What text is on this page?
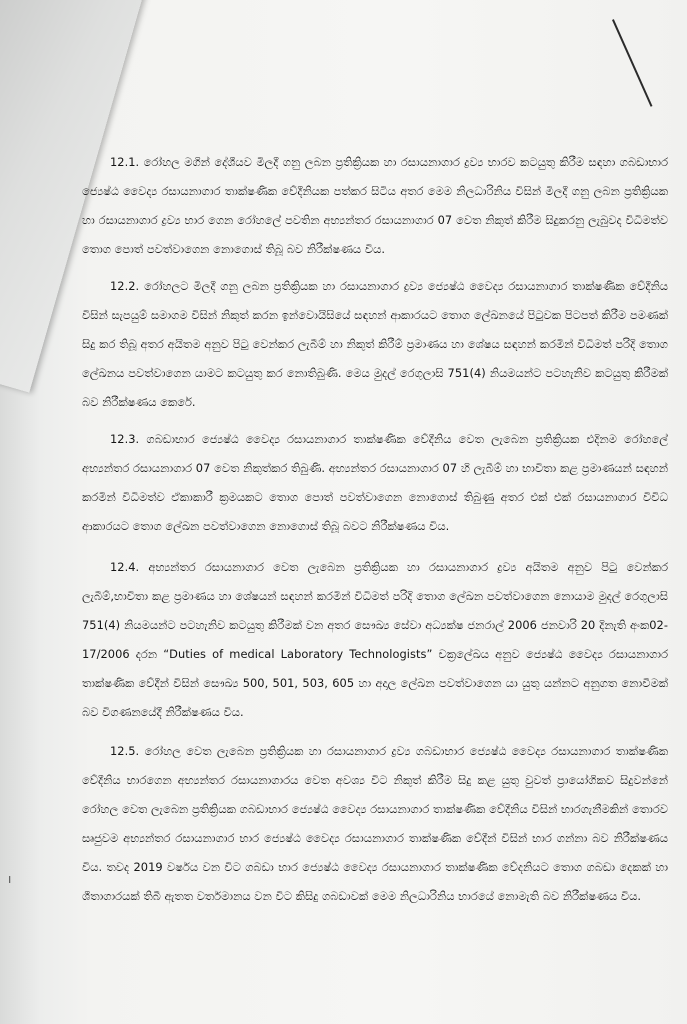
ı

12.1. රෝහල මගින් දේශීයව මිලදී ගනු ලබන ප්‍රතික්‍රියක හා රසායනාගාර ද්‍රව්‍ය භාරව කටයුතු කිරීම සඳහා ගබඩාභාර ජ්‍යෙෂ්ඨ වෛද්‍ය රසායනාගාර තාක්ෂණික වේදීනියක පත්කර සිටිය අතර මෙම නිලධාරිනිය විසින් මිලදී ගනු ලබන ප්‍රතික්‍රියක හා රසායනාගාර ද්‍රව්‍ය භාර ගෙන රෝහලේ පවතින අභ්‍යන්තර රසායනාගාර 07 වෙත නිකුත් කිරීම සිදුකරනු ලැබුවද විධිමත්ව තොග පොත් පවත්වාගෙන නොගොස් තිබූ බව නිරීක්ෂණය විය.

12.2. රෝහලට මිලදී ගනු ලබන ප්‍රතික්‍රියක හා රසායනාගාර ද්‍රව්‍ය ජ්‍යෙෂ්ඨ වෛද්‍ය රසායනාගාර තාක්ෂණික වේදීනිය විසින් සැපයුම් සමාගම විසින් නිකුත් කරන ඉන්වොයිසියේ සඳහන් ආකාරයට තොග ලේඛනයේ පිටුවක පිටපත් කිරීම පමණක් සිදු කර තිබූ අතර අයිතම අනුව පිටු වෙන්කර ලැබීම් හා නිකුත් කිරීම් ප්‍රමාණය හා ශේෂය සඳහන් කරමින් විධිමත් පරිදි තොග ලේඛනය පවත්වාගෙන යාමට කටයුතු කර නොතිබුණි. මෙය මුදල් රෙගුලාසි 751(4) නියමයන්ට පටහැනිව කටයුතු කිරීමක් බව නිරීක්ෂණය කෙරේ.

12.3. ගබඩාභාර ජ්‍යෙෂ්ඨ වෛද්‍ය රසායනාගාර තාක්ෂණික වේදීනිය වෙත ලැබෙන ප්‍රතික්‍රියක එදිනම රෝහලේ අභ්‍යන්තර රසායනාගාර 07 වෙත නිකුත්කර තිබුණි. අභ්‍යන්තර රසායනාගාර 07 හි ලැබීම් හා භාවිතා කළ ප්‍රමාණයන් සඳහන් කරමින් විධිමත්ව ඒකාකාරී ක්‍රමයකට තොග පොත් පවත්වාගෙන නොගොස් තිබුණු අතර එක් එක් රසායනාගාර විවිධ ආකාරයට තොග ලේඛන පවත්වාගෙන නොගොස් තිබූ බවට නිරීක්ෂණය විය.

12.4. අභ්‍යන්තර රසායනාගාර වෙත ලැබෙන ප්‍රතික්‍රියක හා රසායනාගාර ද්‍රව්‍ය අයිතම අනුව පිටු වෙන්කර ලැබීම්,භාවිතා කළ ප්‍රමාණය හා ශේෂයන් සඳහන් කරමින් විධිමත් පරිදි තොග ලේඛන පවත්වාගෙන නොයාම මුදල් රෙගුලාසි 751(4) නියමයන්ට පටහැනිව කටයුතු කිරීමක් වන අතර සෞඛ්‍ය සේවා අධ්‍යක්ෂ ජනරාල් 2006 ජනවාරි 20 දිනැති අංක02-17/2006 දරන “Duties of medical Laboratory Technologists” චක්‍රලේඛය අනුව ජ්‍යෙෂ්ඨ වෛද්‍ය රසායනාගාර තාක්ෂණික වේදීන් විසින් සෞඛ්‍ය 500, 501, 503, 605 හා අදාල ලේඛන පවත්වාගෙන යා යුතු යන්නට අනුගත නොවීමක් බව විගණනයේදී නිරීක්ෂණය විය.

12.5. රෝහල වෙත ලැබෙන ප්‍රතික්‍රියක හා රසායනාගාර ද්‍රව්‍ය ගබඩාභාර ජ්‍යෙෂ්ඨ වෛද්‍ය රසායනාගාර තාක්ෂණික වේදීනිය භාරගෙන අභ්‍යන්තර රසායනාගාරය වෙත අවශ්‍ය විට නිකුත් කිරීම සිදු කළ යුතු වුවත් ප්‍රායෝගිකව සිදුවන්නේ රෝහල වෙත ලැබෙන ප්‍රතික්‍රියක ගබඩාභාර ජ්‍යෙෂ්ඨ වෛද්‍ය රසායනාගාර තාක්ෂණික වේදීනිය විසින් භාරගැනීමකින් තොරව සෘජුවම අභ්‍යන්තර රසායනාගාර භාර ජ්‍යෙෂ්ඨ වෛද්‍ය රසායනාගාර තාක්ෂණික වේදීන් විසින් භාර ගන්නා බව නිරීක්ෂණය විය. තවද 2019 වර්ෂය වන විට ගබඩා භාර ජ්‍යෙෂ්ඨ වෛද්‍ය රසායනාගාර තාක්ෂණික වේදනියට තොග ගබඩා දෙකක් හා ශීතාගාරයක් තිබී ඇතත වර්තමානය වන විට කිසිදු ගබඩාවක් මෙම නිලධාරිනිය භාරයේ නොමැති බව නිරීක්ෂණය විය.
